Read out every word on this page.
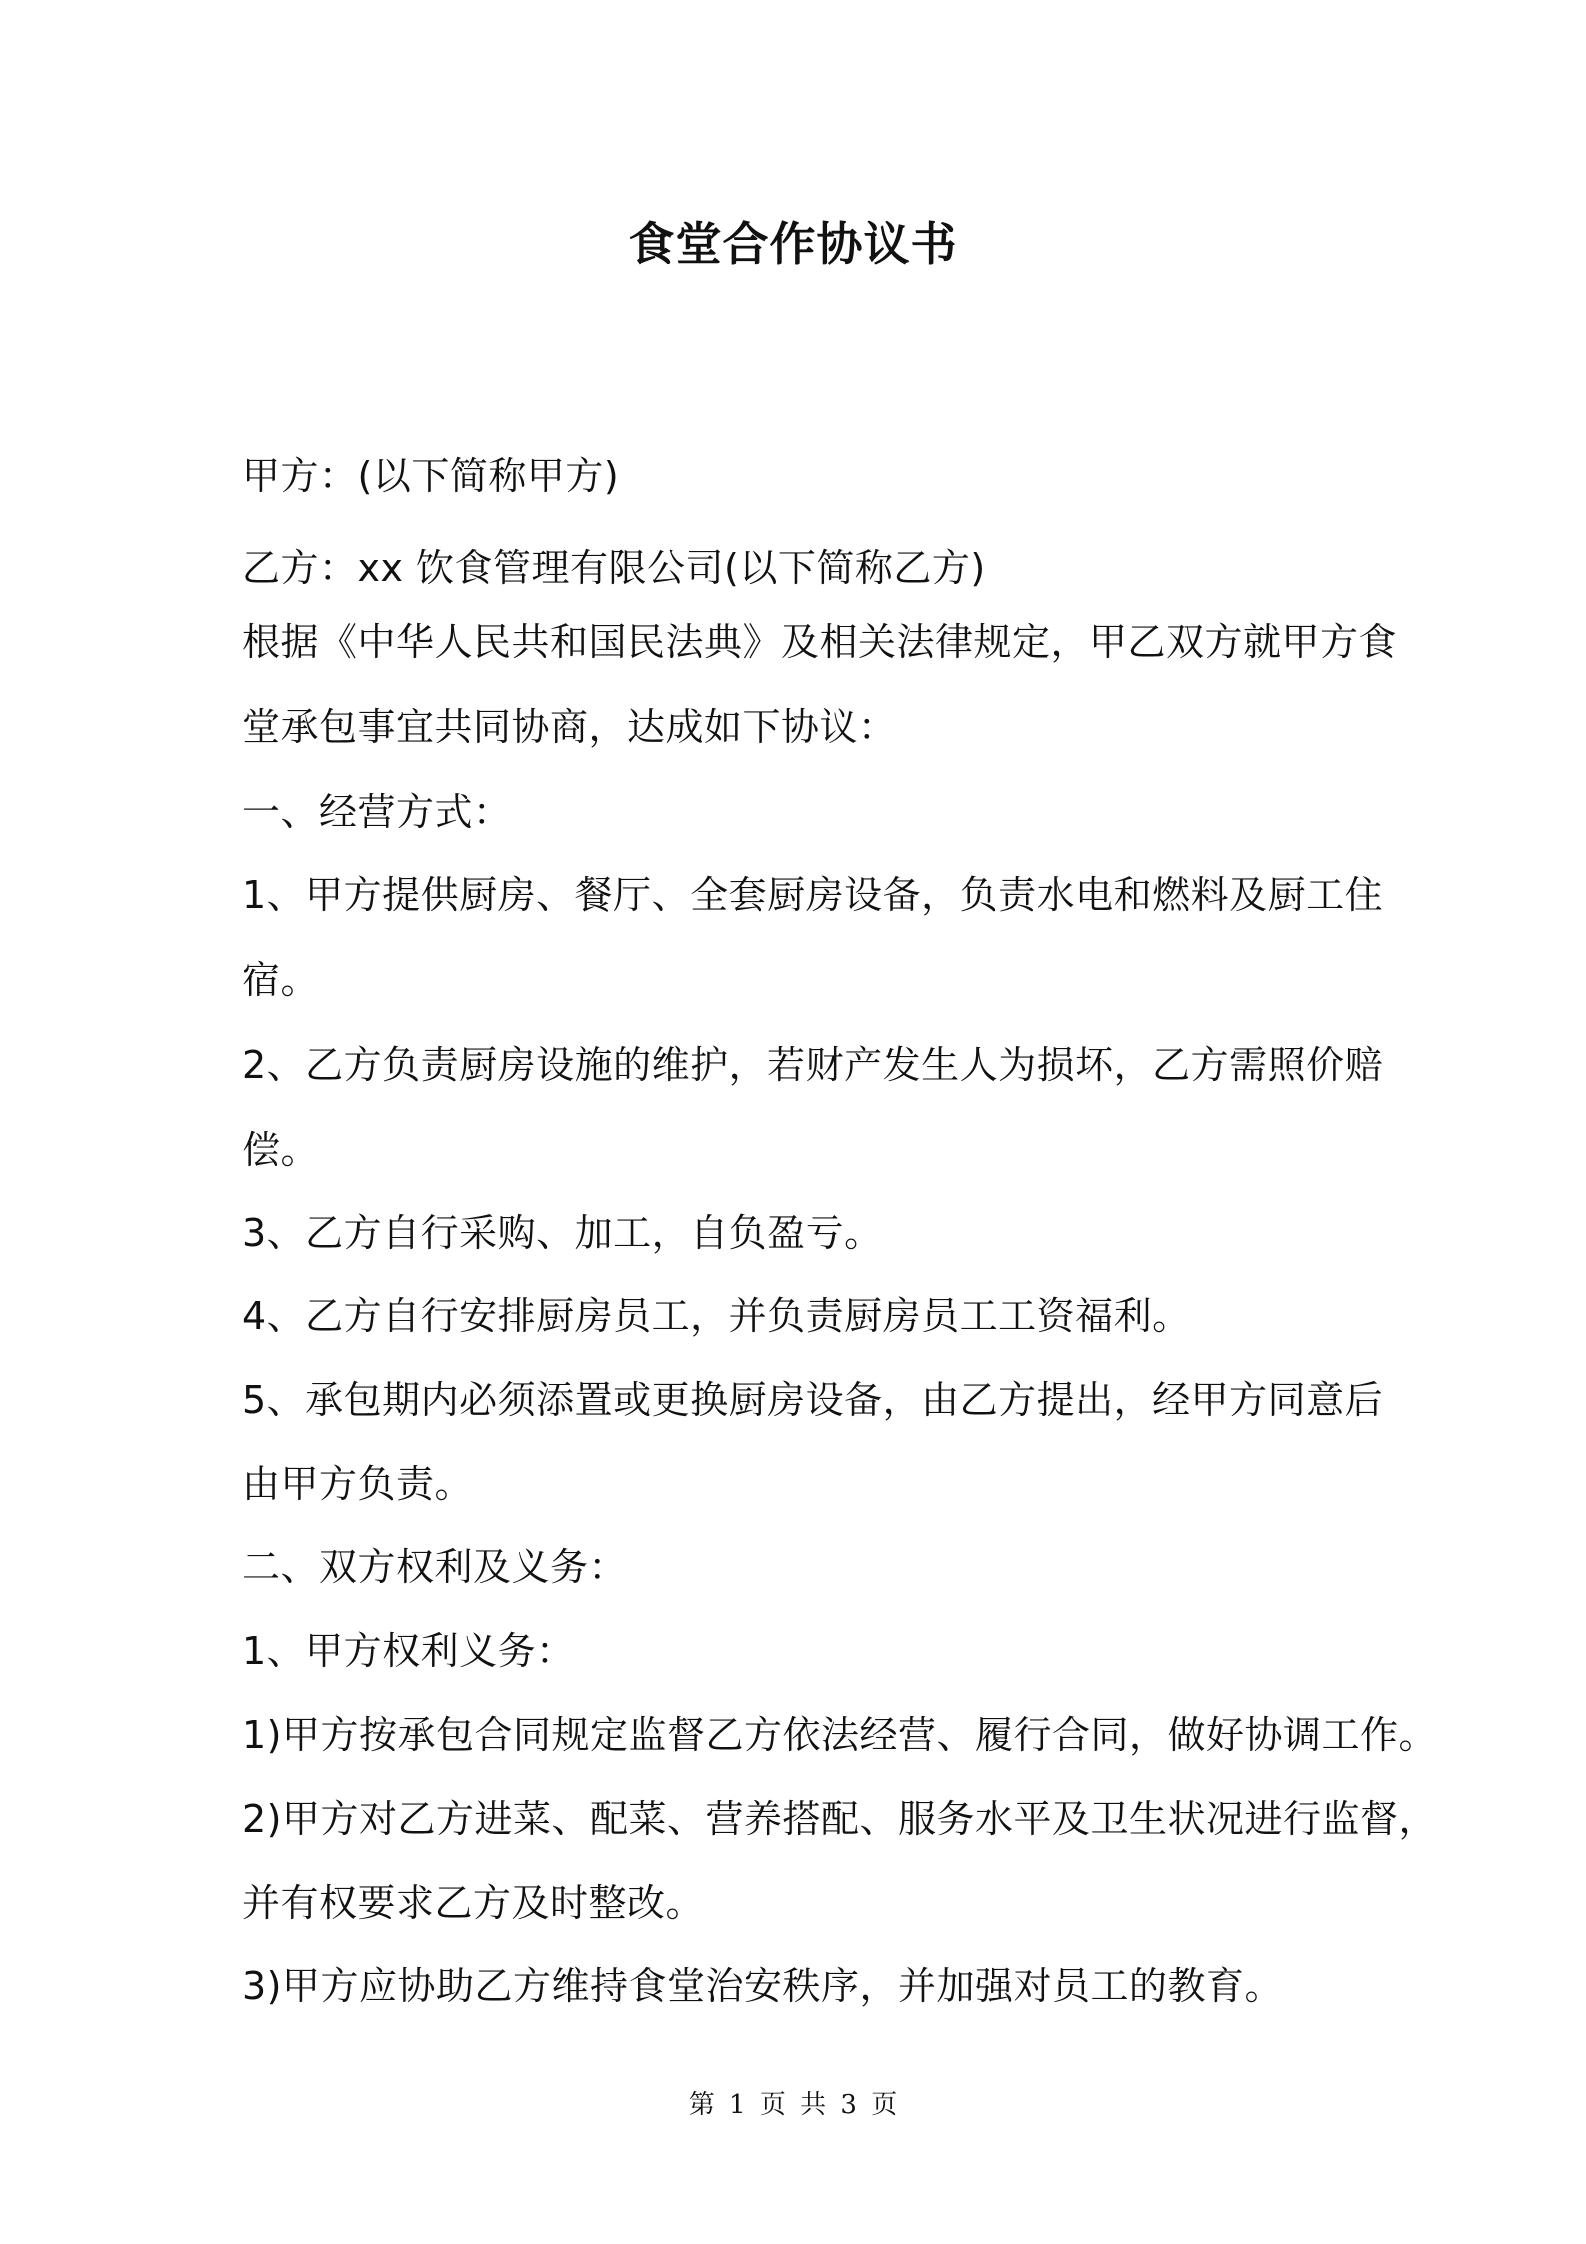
食堂合作协议书
甲方：(以下简称甲方)
乙方：xx 饮食管理有限公司(以下简称乙方)
根据《中华人民共和国民法典》及相关法律规定，甲乙双方就甲方食
堂承包事宜共同协商，达成如下协议：
一、经营方式：
1、甲方提供厨房、餐厅、全套厨房设备，负责水电和燃料及厨工住
宿。
2、乙方负责厨房设施的维护，若财产发生人为损坏，乙方需照价赔
偿。
3、乙方自行采购、加工，自负盈亏。
4、乙方自行安排厨房员工，并负责厨房员工工资福利。
5、承包期内必须添置或更换厨房设备，由乙方提出，经甲方同意后
由甲方负责。
二、双方权利及义务：
1、甲方权利义务：
1)甲方按承包合同规定监督乙方依法经营、履行合同，做好协调工作。
2)甲方对乙方进菜、配菜、营养搭配、服务水平及卫生状况进行监督，
并有权要求乙方及时整改。
3)甲方应协助乙方维持食堂治安秩序，并加强对员工的教育。
第 1 页 共 3 页
